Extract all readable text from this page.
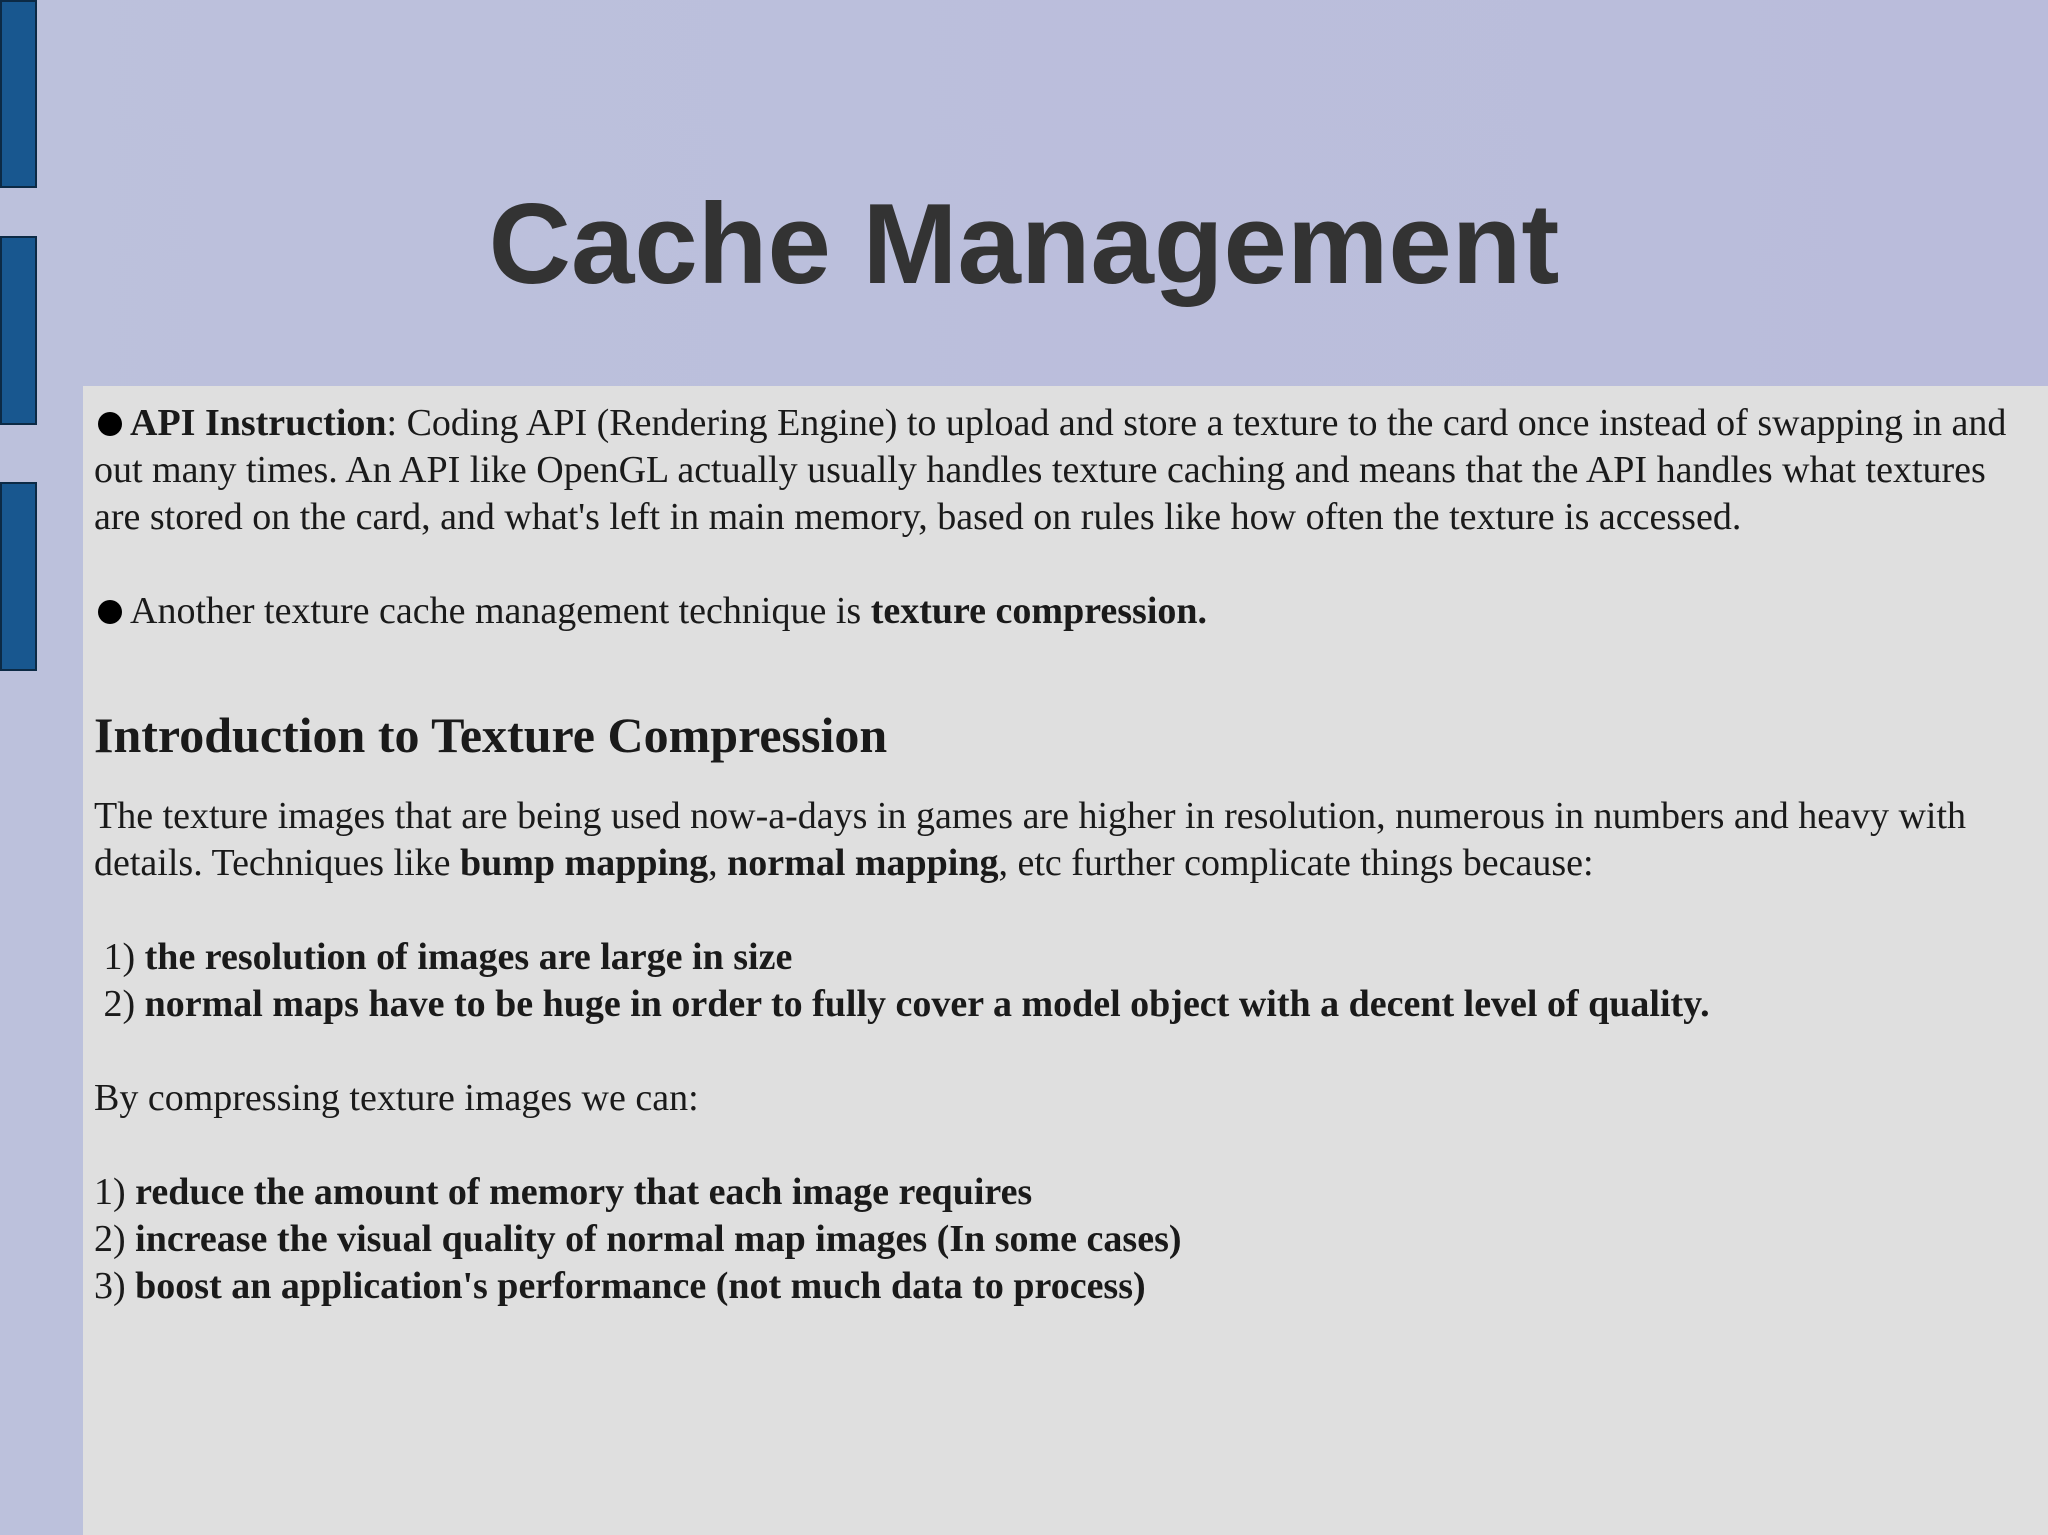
Cache Management

API Instruction: Coding API (Rendering Engine) to upload and store a texture to the card once instead of swapping in and out many times. An API like OpenGL actually usually handles texture caching and means that the API handles what textures are stored on the card, and what's left in main memory, based on rules like how often the texture is accessed.

Another texture cache management technique is texture compression.

Introduction to Texture Compression

The texture images that are being used now-a-days in games are higher in resolution, numerous in numbers and heavy with details. Techniques like bump mapping, normal mapping, etc further complicate things because:

1) the resolution of images are large in size

2) normal maps have to be huge in order to fully cover a model object with a decent level of quality.

By compressing texture images we can:

1) reduce the amount of memory that each image requires

2) increase the visual quality of normal map images (In some cases)

3) boost an application's performance (not much data to process)
